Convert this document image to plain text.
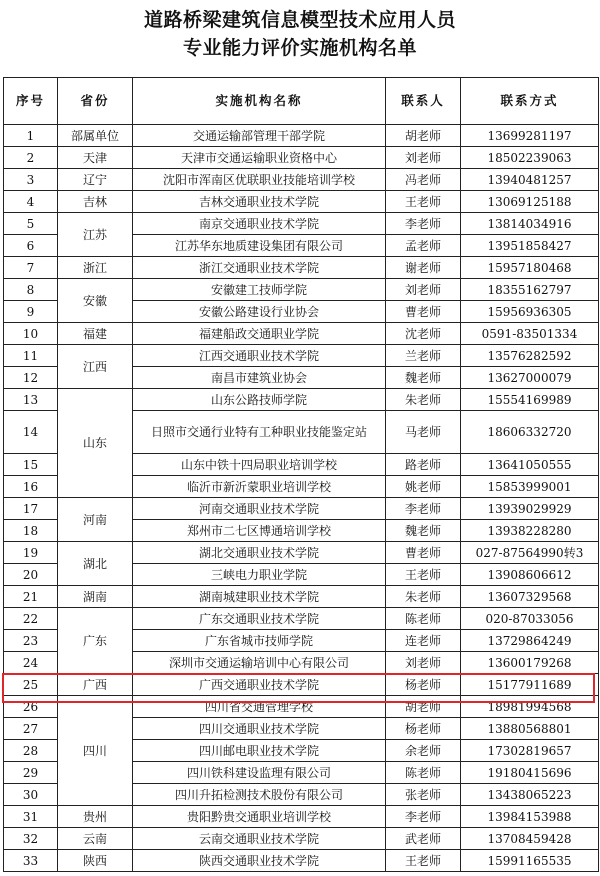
道路桥梁建筑信息模型技术应用人员
专业能力评价实施机构名单
序号	省份	实施机构名称	联系人	联系方式
1	部属单位	交通运输部管理干部学院	胡老师	13699281197
2	天津	天津市交通运输职业资格中心	刘老师	18502239063
3	辽宁	沈阳市浑南区优联职业技能培训学校	冯老师	13940481257
4	吉林	吉林交通职业技术学院	王老师	13069125188
5	江苏	南京交通职业技术学院	李老师	13814034916
6		江苏华东地质建设集团有限公司	孟老师	13951858427
7	浙江	浙江交通职业技术学院	谢老师	15957180468
8	安徽	安徽建工技师学院	刘老师	18355162797
9		安徽公路建设行业协会	曹老师	15956936305
10	福建	福建船政交通职业学院	沈老师	0591-83501334
11	江西	江西交通职业技术学院	兰老师	13576282592
12		南昌市建筑业协会	魏老师	13627000079
13	山东	山东公路技师学院	朱老师	15554169989
14		日照市交通行业特有工种职业技能鉴定站	马老师	18606332720
15		山东中铁十四局职业培训学校	路老师	13641050555
16		临沂市新沂蒙职业培训学校	姚老师	15853999001
17	河南	河南交通职业技术学院	李老师	13939029929
18		郑州市二七区博通培训学校	魏老师	13938228280
19	湖北	湖北交通职业技术学院	曹老师	027-87564990转3
20		三峡电力职业学院	王老师	13908606612
21	湖南	湖南城建职业技术学院	朱老师	13607329568
22	广东	广东交通职业技术学院	陈老师	020-87033056
23		广东省城市技师学院	连老师	13729864249
24		深圳市交通运输培训中心有限公司	刘老师	13600179268
25	广西	广西交通职业技术学院	杨老师	15177911689
26	四川	四川省交通管理学校	胡老师	18981994568
27		四川交通职业技术学院	杨老师	13880568801
28		四川邮电职业技术学院	余老师	17302819657
29		四川铁科建设监理有限公司	陈老师	19180415696
30		四川升拓检测技术股份有限公司	张老师	13438065223
31	贵州	贵阳黔贵交通职业培训学校	李老师	13984153988
32	云南	云南交通职业技术学院	武老师	13708459428
33	陕西	陕西交通职业技术学院	王老师	15991165535
